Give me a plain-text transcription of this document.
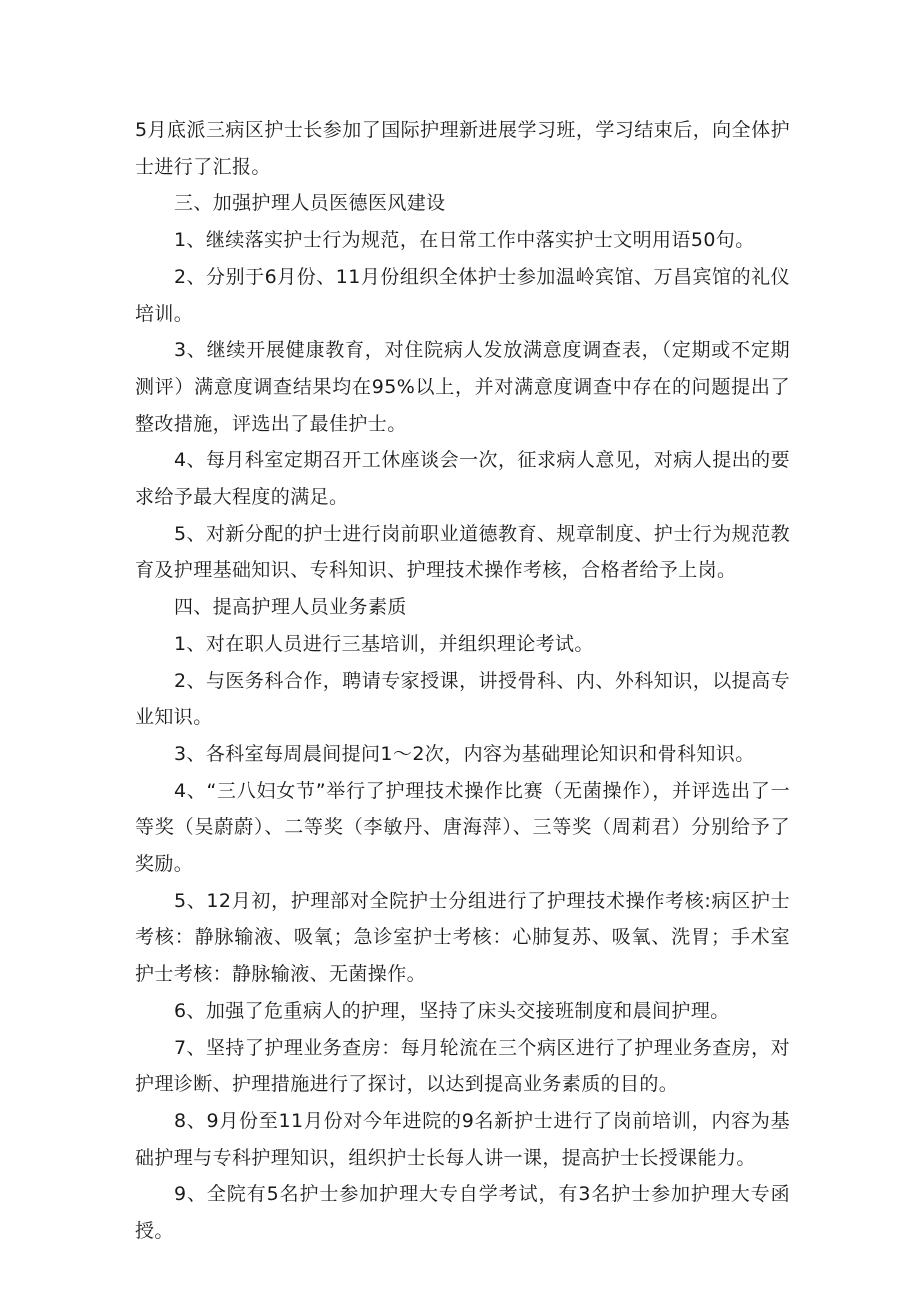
5月底派三病区护士长参加了国际护理新进展学习班，学习结束后，向全体护士进行了汇报。

三、加强护理人员医德医风建设

1、继续落实护士行为规范，在日常工作中落实护士文明用语50句。

2、分别于6月份、11月份组织全体护士参加温岭宾馆、万昌宾馆的礼仪培训。

3、继续开展健康教育，对住院病人发放满意度调查表，（定期或不定期测评）满意度调查结果均在95%以上，并对满意度调查中存在的问题提出了整改措施，评选出了最佳护士。

4、每月科室定期召开工休座谈会一次，征求病人意见，对病人提出的要求给予最大程度的满足。

5、对新分配的护士进行岗前职业道德教育、规章制度、护士行为规范教育及护理基础知识、专科知识、护理技术操作考核，合格者给予上岗。

四、提高护理人员业务素质

1、对在职人员进行三基培训，并组织理论考试。

2、与医务科合作，聘请专家授课，讲授骨科、内、外科知识，以提高专业知识。

3、各科室每周晨间提问1～2次，内容为基础理论知识和骨科知识。

4、“三八妇女节”举行了护理技术操作比赛（无菌操作），并评选出了一等奖（吴蔚蔚）、二等奖（李敏丹、唐海萍）、三等奖（周莉君）分别给予了奖励。

5、12月初，护理部对全院护士分组进行了护理技术操作考核:病区护士考核：静脉输液、吸氧；急诊室护士考核：心肺复苏、吸氧、洗胃；手术室护士考核：静脉输液、无菌操作。

6、加强了危重病人的护理，坚持了床头交接班制度和晨间护理。

7、坚持了护理业务查房：每月轮流在三个病区进行了护理业务查房，对护理诊断、护理措施进行了探讨，以达到提高业务素质的目的。

8、9月份至11月份对今年进院的9名新护士进行了岗前培训，内容为基础护理与专科护理知识，组织护士长每人讲一课，提高护士长授课能力。

9、全院有5名护士参加护理大专自学考试，有3名护士参加护理大专函授。
